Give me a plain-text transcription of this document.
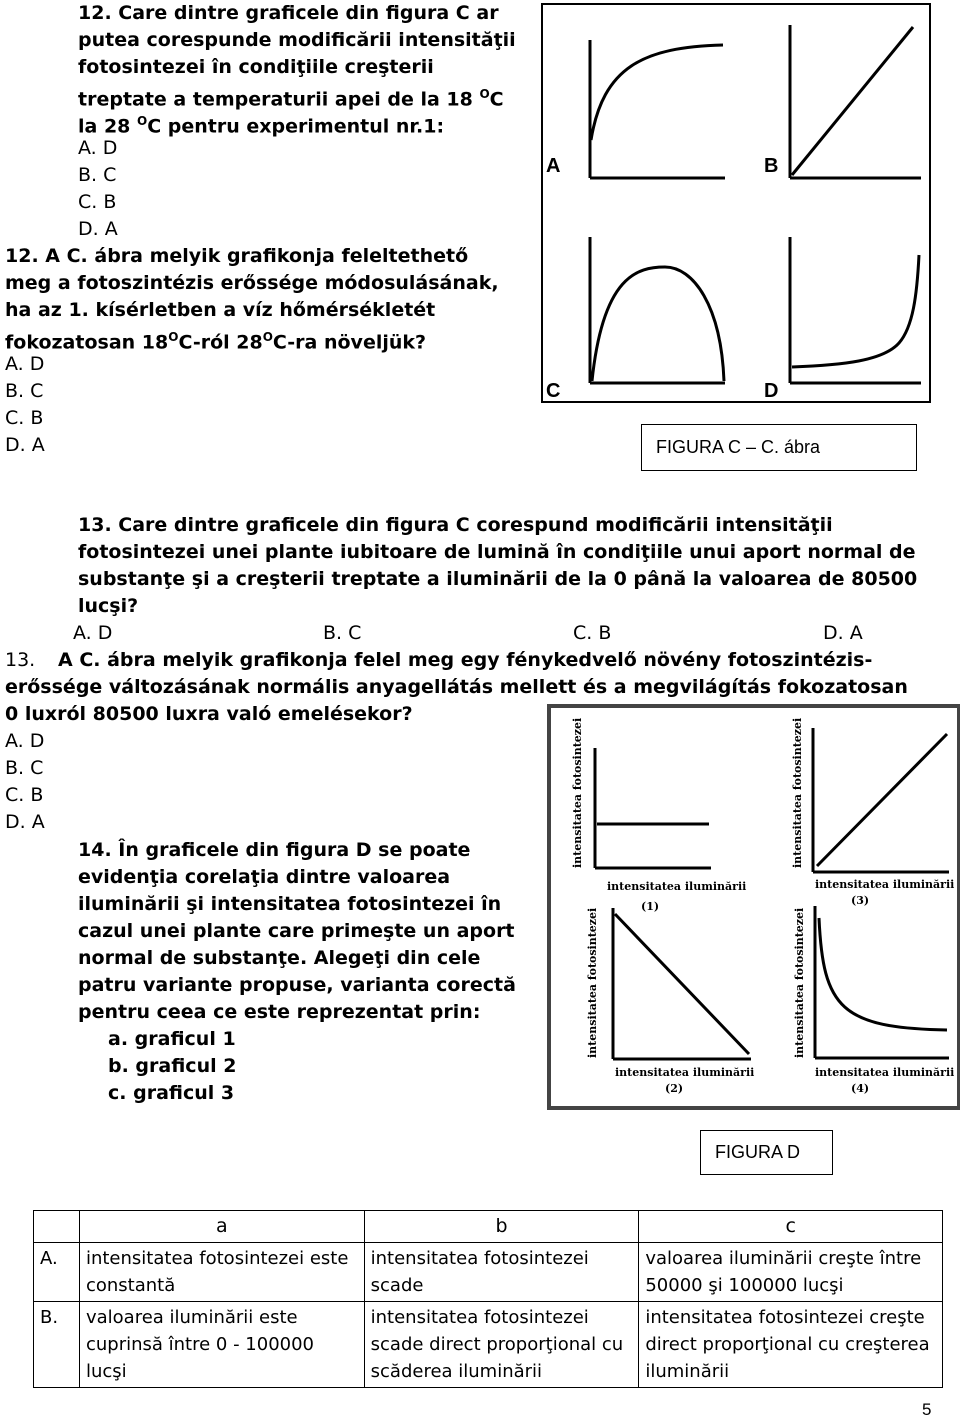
12. Care dintre graficele din figura C ar
putea corespunde modificării intensităţii
fotosintezei în condiţiile creşterii
treptate a temperaturii apei de la 18 $^O$C
la 28 $^O$C pentru experimentul nr.1:
A. D
B. C
C. B
D. A
12. A C. ábra melyik grafikonja feleltethető
meg a fotoszintézis erőssége módosulásának,
ha az 1. kísérletben a víz hőmérsékletét
fokozatosan $18^OC$-ról $28^OC-ra$ növeljük?
A. D
B. C
C. B
D. A
A	B
C	D
FIGURA C – C. ábra
13. Care dintre graficele din figura C corespund modificării intensităţii
fotosintezei unei plante iubitoare de lumină în condiţiile unui aport normal de
substanţe şi a creşterii treptate a iluminării de la 0 până la valoarea de 80500
lucşi?
A. D	B. C	C. B	D. A
13. A C. ábra melyik grafikonja felel meg egy fénykedvelő növény fotoszintézis-
erőssége változásának normális anyagellátás mellett és a megvilágítás fokozatosan
0 luxról 80500 luxra való emelésekor?
A. D
B. C
C. B
D. A
14. În graficele din figura D se poate
evidenţia corelaţia dintre valoarea
iluminării şi intensitatea fotosintezei în
cazul unei plante care primeşte un aport
normal de substanţe. Alegeţi din cele
patru variante propuse, varianta corectă
pentru ceea ce este reprezentat prin:
a. graficul 1
b. graficul 2
c. graficul 3
intensitatea fotosintezei
intensitatea iluminării
(1)
intensitatea fotosintezei
intensitatea iluminării
(3)
intensitatea fotosintezei
intensitatea iluminării
(2)
intensitatea fotosintezei
intensitatea iluminării
(4)
FIGURA D
	a	b	c
A.	intensitatea fotosintezei este constantă	intensitatea fotosintezei scade	valoarea iluminării creşte între 50000 şi 100000 lucşi
B.	valoarea iluminării este cuprinsă între 0 - 100000 lucşi	intensitatea fotosintezei scade direct proporţional cu scăderea iluminării	intensitatea fotosintezei creşte direct proporţional cu creşterea iluminării
5
